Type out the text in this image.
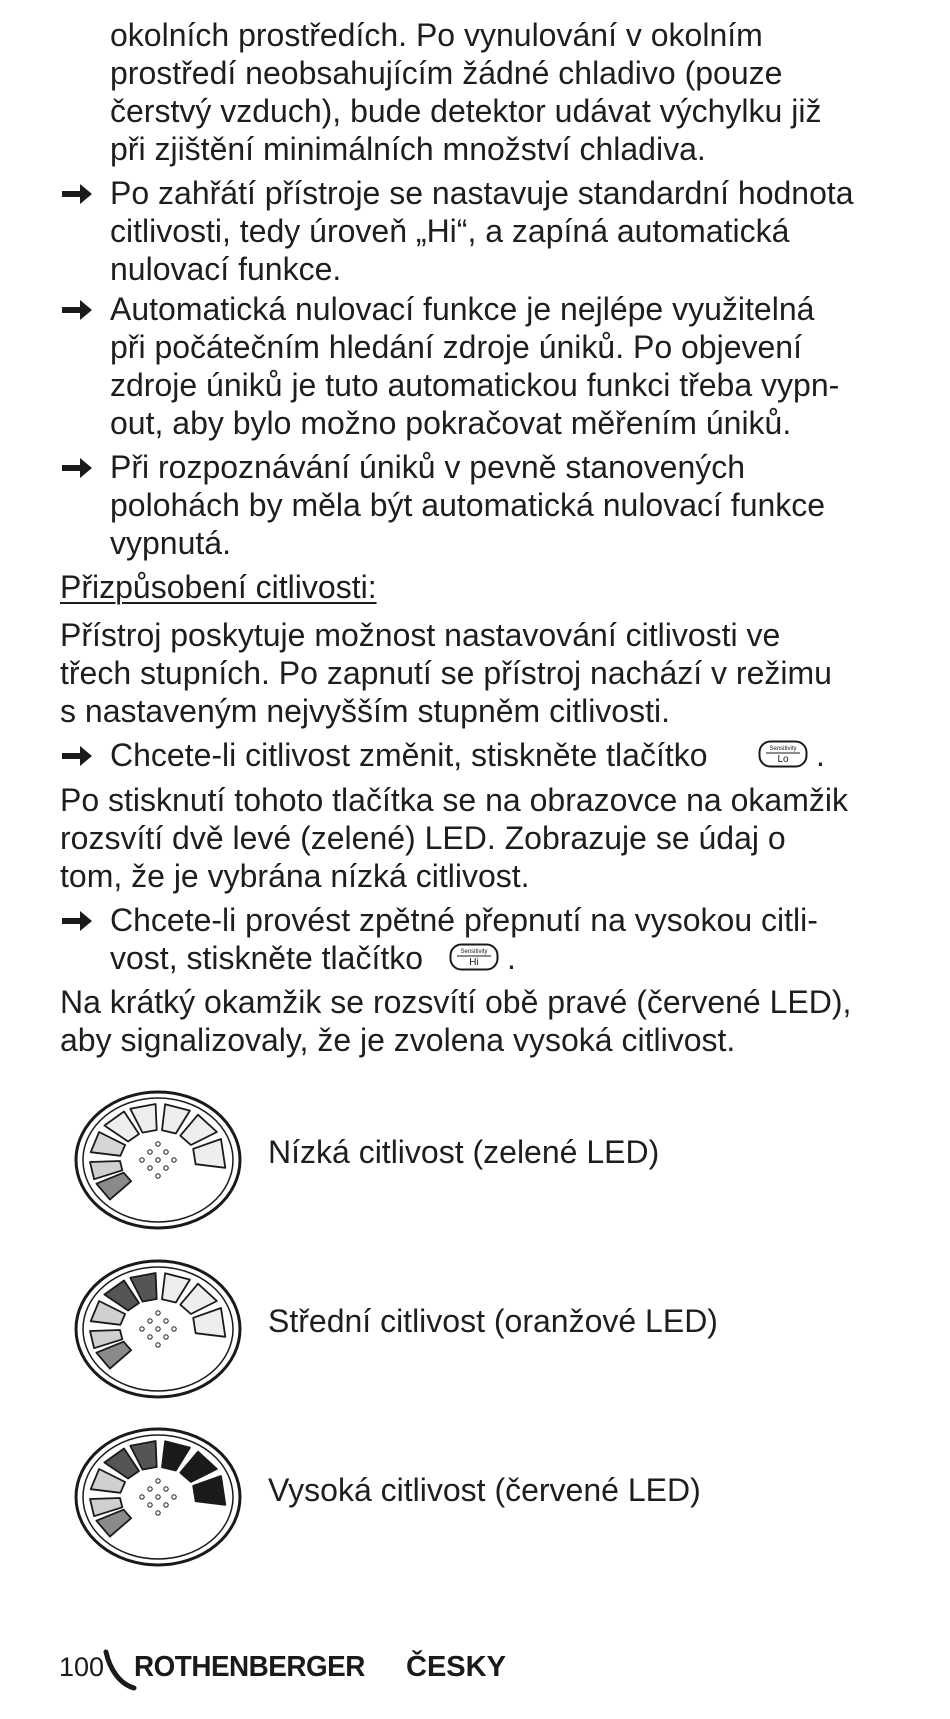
okolních prostředích. Po vynulování v okolním
prostředí neobsahujícím žádné chladivo (pouze
čerstvý vzduch), bude detektor udávat výchylku již
při zjištění minimálních množství chladiva.
Po zahřátí přístroje se nastavuje standardní hodnota
citlivosti, tedy úroveň „Hi“, a zapíná automatická
nulovací funkce.
Automatická nulovací funkce je nejlépe využitelná
při počátečním hledání zdroje úniků. Po objevení
zdroje úniků je tuto automatickou funkci třeba vypn-
out, aby bylo možno pokračovat měřením úniků.
Při rozpoznávání úniků v pevně stanovených
polohách by měla být automatická nulovací funkce
vypnutá.
Přizpůsobení citlivosti:
Přístroj poskytuje možnost nastavování citlivosti ve
třech stupních. Po zapnutí se přístroj nachází v režimu
s nastaveným nejvyšším stupněm citlivosti.
Chcete-li citlivost změnit, stiskněte tlačítko	Sensitivity
Lo .
Po stisknutí tohoto tlačítka se na obrazovce na okamžik
rozsvítí dvě levé (zelené) LED. Zobrazuje se údaj o
tom, že je vybrána nízká citlivost.
Chcete-li provést zpětné přepnutí na vysokou citli-
vost, stiskněte tlačítko	Sensitivity
Hi .
Na krátký okamžik se rozsvítí obě pravé (červené LED),
aby signalizovaly, že je zvolena vysoká citlivost.
Nízká citlivost (zelené LED)
Střední citlivost (oranžové LED)
Vysoká citlivost (červené LED)
100 ROTHENBERGER ČESKY
